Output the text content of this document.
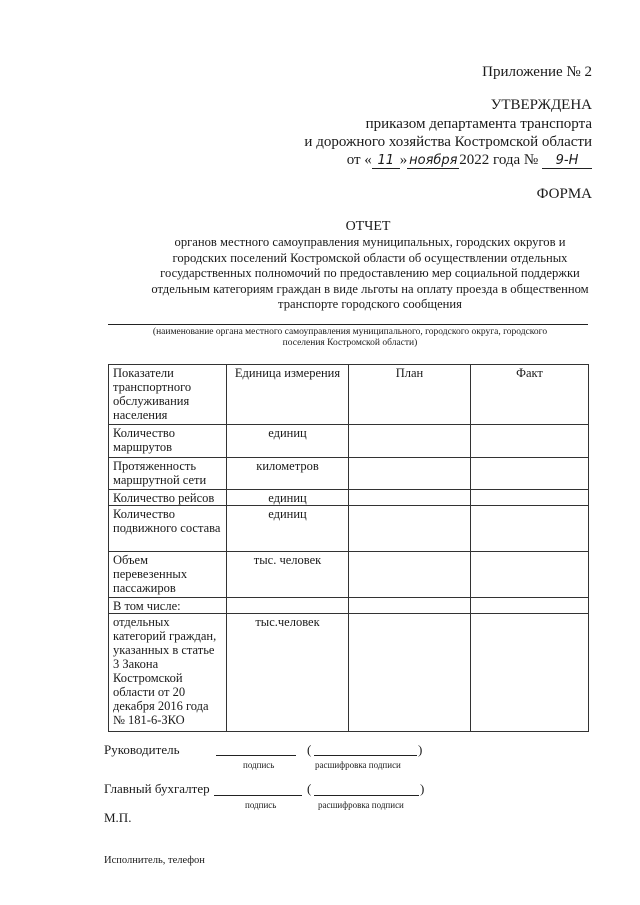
Приложение № 2
УТВЕРЖДЕНА
приказом департамента транспорта
и дорожного хозяйства Костромской области
от « 11 » ноября 2022 года № 9-Н
ФОРМА
ОТЧЕТ
органов местного самоуправления муниципальных, городских округов и
городских поселений Костромской области об осуществлении отдельных
государственных полномочий по предоставлению мер социальной поддержки
отдельным категориям граждан в виде льготы на оплату проезда в общественном
транспорте городского сообщения
(наименование органа местного самоуправления муниципального, городского округа, городского
поселения Костромской области)
Показатели транспортного обслуживания населения	Единица измерения	План	Факт
Количество маршрутов	единиц		
Протяженность маршрутной сети	километров		
Количество рейсов	единиц		
Количество подвижного состава	единиц		
Объем перевезенных пассажиров	тыс. человек		
В том числе:			
отдельных категорий граждан, указанных в статье 3 Закона Костромской области от 20 декабря 2016 года № 181-6-ЗКО	тыс.человек		
Руководитель	(	)
подпись	расшифровка подписи
Главный бухгалтер	(	)
подпись	расшифровка подписи
М.П.
Исполнитель, телефон
